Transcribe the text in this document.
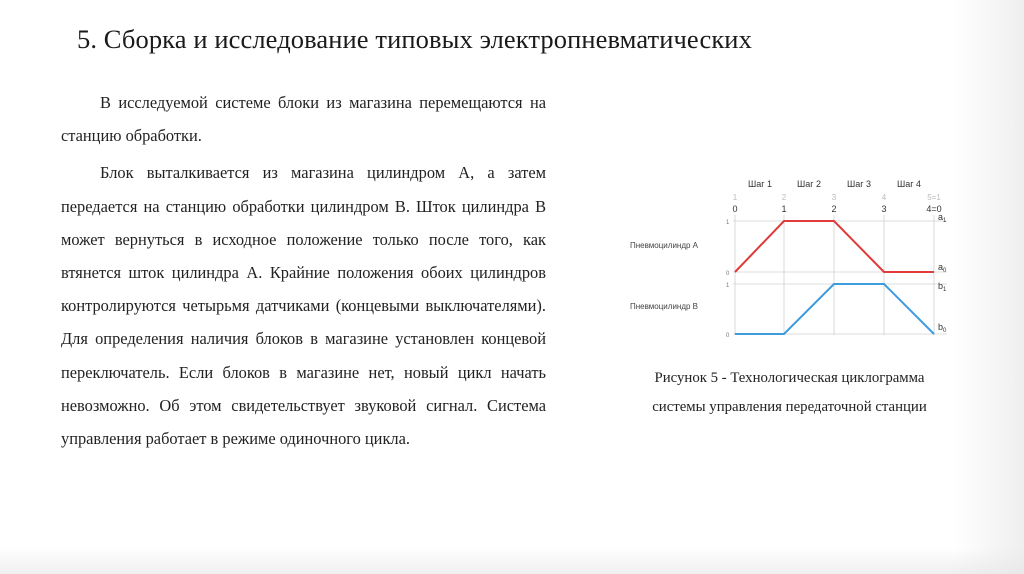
5. Сборка и исследование типовых электропневматических

В исследуемой системе блоки из магазина перемещаются на станцию обработки.

Блок выталкивается из магазина цилиндром А, а затем передается на станцию обработки цилиндром В. Шток цилиндра В может вернуться в исходное положение только после того, как втянется шток цилиндра А. Крайние положения обоих цилиндров контролируются четырьмя датчиками (концевыми выключателями). Для определения наличия блоков в магазине установлен концевой переключатель. Если блоков в магазине нет, новый цикл начать невозможно. Об этом свидетельствует звуковой сигнал. Система управления работает в режиме одиночного цикла.

Шаг 1	Шаг 2	Шаг 3	Шаг 4
1	2	3	4	5=1
0	1	2	3	4=0
Пневмоцилиндр A
Пневмоцилиндр B
1
0
1
0
$a_1$
$a_0$
$b_1$
$b_0$
Рисунок 5 - Технологическая циклограмма
системы управления передаточной станции
